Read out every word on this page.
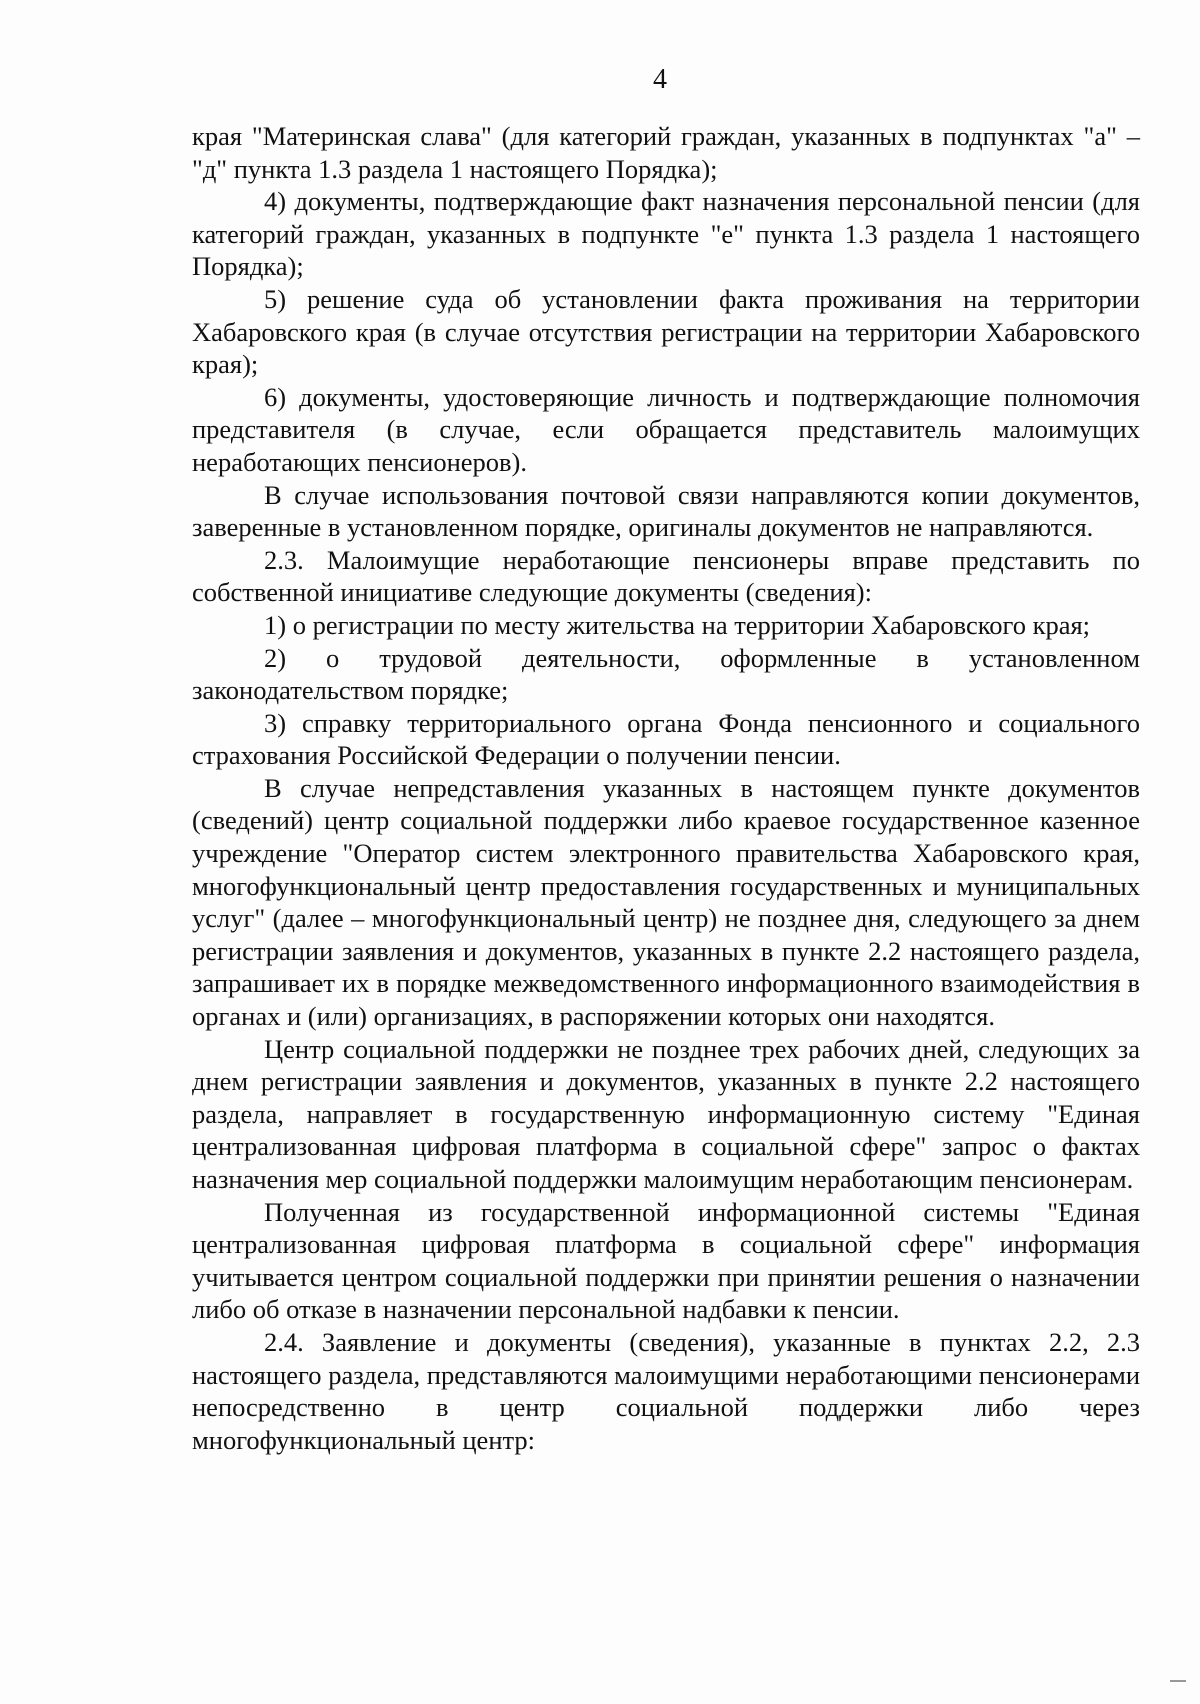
4

края "Материнская слава" (для категорий граждан, указанных в подпунктах "а" – "д" пункта 1.3 раздела 1 настоящего Порядка);

4) документы, подтверждающие факт назначения персональной пенсии (для категорий граждан, указанных в подпункте "е" пункта 1.3 раздела 1 настоящего Порядка);

5) решение суда об установлении факта проживания на территории Хабаровского края (в случае отсутствия регистрации на территории Хабаровского края);

6) документы, удостоверяющие личность и подтверждающие полномочия представителя (в случае, если обращается представитель малоимущих неработающих пенсионеров).

В случае использования почтовой связи направляются копии документов, заверенные в установленном порядке, оригиналы документов не направляются.

2.3. Малоимущие неработающие пенсионеры вправе представить по собственной инициативе следующие документы (сведения):

1) о регистрации по месту жительства на территории Хабаровского края;

2) о трудовой деятельности, оформленные в установленном законодательством порядке;

3) справку территориального органа Фонда пенсионного и социального страхования Российской Федерации о получении пенсии.

В случае непредставления указанных в настоящем пункте документов (сведений) центр социальной поддержки либо краевое государственное казенное учреждение "Оператор систем электронного правительства Хабаровского края, многофункциональный центр предоставления государственных и муниципальных услуг" (далее – многофункциональный центр) не позднее дня, следующего за днем регистрации заявления и документов, указанных в пункте 2.2 настоящего раздела, запрашивает их в порядке межведомственного информационного взаимодействия в органах и (или) организациях, в распоряжении которых они находятся.

Центр социальной поддержки не позднее трех рабочих дней, следующих за днем регистрации заявления и документов, указанных в пункте 2.2 настоящего раздела, направляет в государственную информационную систему "Единая централизованная цифровая платформа в социальной сфере" запрос о фактах назначения мер социальной поддержки малоимущим неработающим пенсионерам.

Полученная из государственной информационной системы "Единая централизованная цифровая платформа в социальной сфере" информация учитывается центром социальной поддержки при принятии решения о назначении либо об отказе в назначении персональной надбавки к пенсии.

2.4. Заявление и документы (сведения), указанные в пунктах 2.2, 2.3 настоящего раздела, представляются малоимущими неработающими пенсионерами непосредственно в центр социальной поддержки либо через многофункциональный центр:
